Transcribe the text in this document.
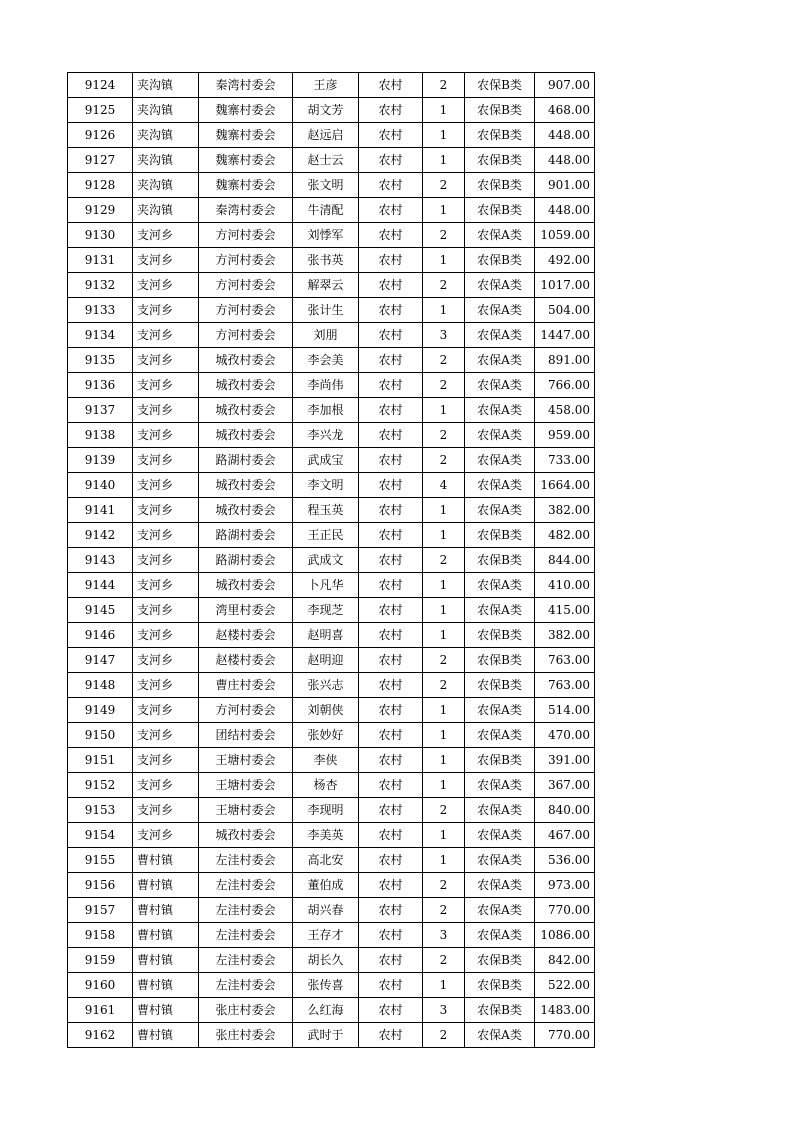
9124	夹沟镇	秦湾村委会	王彦	农村	2	农保B类	907.00
9125	夹沟镇	魏寨村委会	胡文芳	农村	1	农保B类	468.00
9126	夹沟镇	魏寨村委会	赵远启	农村	1	农保B类	448.00
9127	夹沟镇	魏寨村委会	赵士云	农村	1	农保B类	448.00
9128	夹沟镇	魏寨村委会	张文明	农村	2	农保B类	901.00
9129	夹沟镇	秦湾村委会	牛清配	农村	1	农保B类	448.00
9130	支河乡	方河村委会	刘悸军	农村	2	农保A类	1059.00
9131	支河乡	方河村委会	张书英	农村	1	农保B类	492.00
9132	支河乡	方河村委会	解翠云	农村	2	农保A类	1017.00
9133	支河乡	方河村委会	张计生	农村	1	农保A类	504.00
9134	支河乡	方河村委会	刘朋	农村	3	农保A类	1447.00
9135	支河乡	城孜村委会	李会美	农村	2	农保A类	891.00
9136	支河乡	城孜村委会	李尚伟	农村	2	农保A类	766.00
9137	支河乡	城孜村委会	李加根	农村	1	农保A类	458.00
9138	支河乡	城孜村委会	李兴龙	农村	2	农保A类	959.00
9139	支河乡	路湖村委会	武成宝	农村	2	农保A类	733.00
9140	支河乡	城孜村委会	李文明	农村	4	农保A类	1664.00
9141	支河乡	城孜村委会	程玉英	农村	1	农保A类	382.00
9142	支河乡	路湖村委会	王正民	农村	1	农保B类	482.00
9143	支河乡	路湖村委会	武成文	农村	2	农保B类	844.00
9144	支河乡	城孜村委会	卜凡华	农村	1	农保A类	410.00
9145	支河乡	湾里村委会	李现芝	农村	1	农保A类	415.00
9146	支河乡	赵楼村委会	赵明喜	农村	1	农保B类	382.00
9147	支河乡	赵楼村委会	赵明迎	农村	2	农保B类	763.00
9148	支河乡	曹庄村委会	张兴志	农村	2	农保B类	763.00
9149	支河乡	方河村委会	刘朝侠	农村	1	农保A类	514.00
9150	支河乡	团结村委会	张妙好	农村	1	农保A类	470.00
9151	支河乡	王塘村委会	李侠	农村	1	农保B类	391.00
9152	支河乡	王塘村委会	杨杏	农村	1	农保A类	367.00
9153	支河乡	王塘村委会	李现明	农村	2	农保A类	840.00
9154	支河乡	城孜村委会	李美英	农村	1	农保A类	467.00
9155	曹村镇	左洼村委会	高北安	农村	1	农保A类	536.00
9156	曹村镇	左洼村委会	董伯成	农村	2	农保A类	973.00
9157	曹村镇	左洼村委会	胡兴春	农村	2	农保A类	770.00
9158	曹村镇	左洼村委会	王存才	农村	3	农保A类	1086.00
9159	曹村镇	左洼村委会	胡长久	农村	2	农保B类	842.00
9160	曹村镇	左洼村委会	张传喜	农村	1	农保B类	522.00
9161	曹村镇	张庄村委会	么红海	农村	3	农保B类	1483.00
9162	曹村镇	张庄村委会	武时于	农村	2	农保A类	770.00
